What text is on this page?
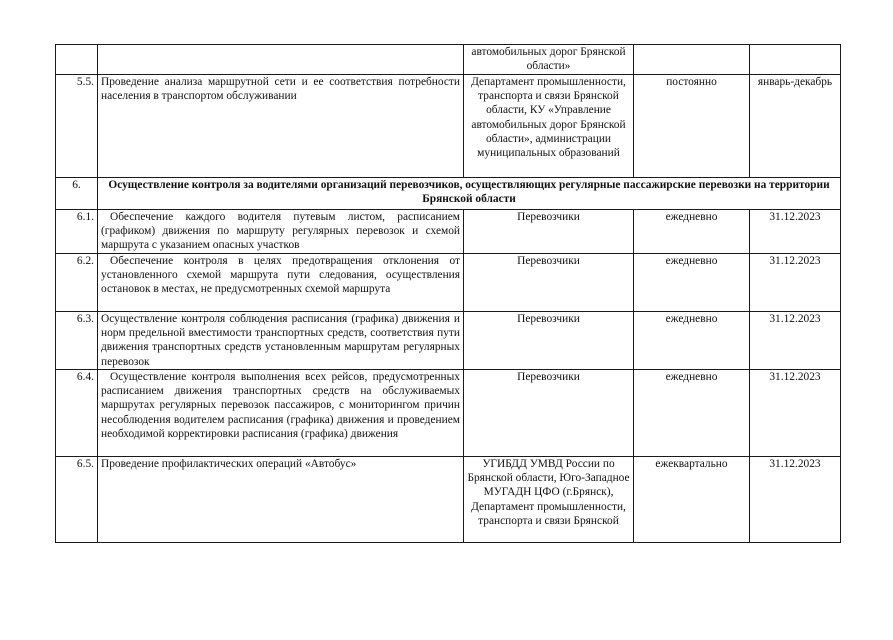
		автомобильных дорог Брянской области»		
5.5.	Проведение анализа маршрутной сети и ее соответствия потребности населения в транспортом обслуживании	Департамент промышленности, транспорта и связи Брянской области, КУ «Управление автомобильных дорог Брянской области», администрации муниципальных образований	постоянно	январь-декабрь
6.	Осуществление контроля за водителями организаций перевозчиков, осуществляющих регулярные пассажирские перевозки на территории Брянской области			
6.1.	Обеспечение каждого водителя путевым листом, расписанием (графиком) движения по маршруту регулярных перевозок и схемой маршрута с указанием опасных участков	Перевозчики	ежедневно	31.12.2023
6.2.	Обеспечение контроля в целях предотвращения отклонения от установленного схемой маршрута пути следования, осуществления остановок в местах, не предусмотренных схемой маршрута	Перевозчики	ежедневно	31.12.2023
6.3.	Осуществление контроля соблюдения расписания (графика) движения и норм предельной вместимости транспортных средств, соответствия пути движения транспортных средств установленным маршрутам регулярных перевозок	Перевозчики	ежедневно	31.12.2023
6.4.	Осуществление контроля выполнения всех рейсов, предусмотренных расписанием движения транспортных средств на обслуживаемых маршрутах регулярных перевозок пассажиров, с мониторингом причин несоблюдения водителем расписания (графика) движения и проведением необходимой корректировки расписания (графика) движения	Перевозчики	ежедневно	31.12.2023
6.5.	Проведение профилактических операций «Автобус»	УГИБДД УМВД России по Брянской области, Юго-Западное МУГАДН ЦФО (г.Брянск), Департамент промышленности, транспорта и связи Брянской	ежеквартально	31.12.2023
